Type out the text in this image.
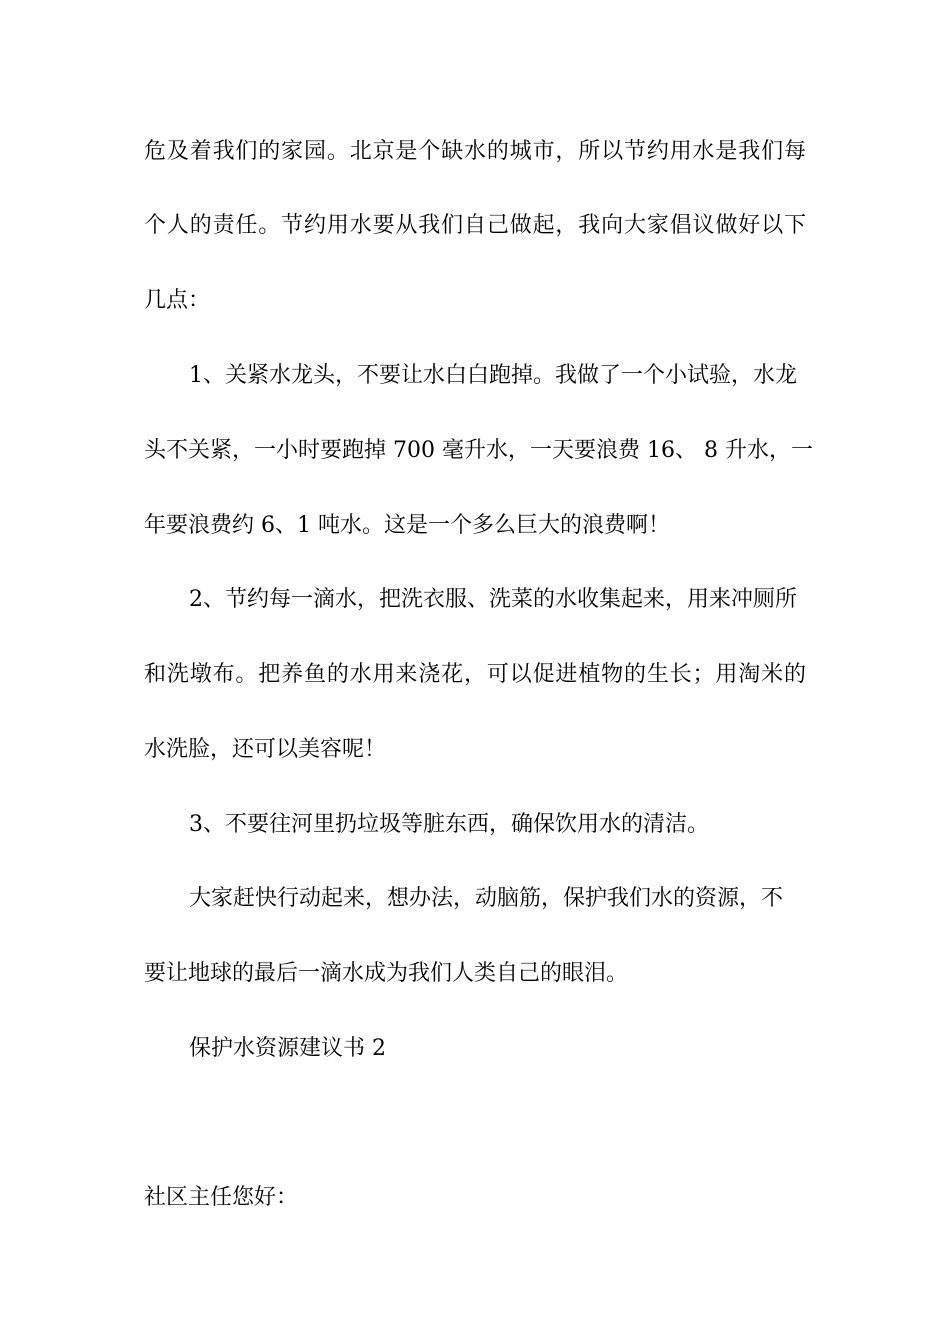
危及着我们的家园。北京是个缺水的城市，所以节约用水是我们每
个人的责任。节约用水要从我们自己做起，我向大家倡议做好以下
几点：
1、关紧水龙头，不要让水白白跑掉。我做了一个小试验，水龙
头不关紧，一小时要跑掉 700 毫升水，一天要浪费 16、 8 升水，一
年要浪费约 6、1 吨水。这是一个多么巨大的浪费啊！
2、节约每一滴水，把洗衣服、洗菜的水收集起来，用来冲厕所
和洗墩布。把养鱼的水用来浇花，可以促进植物的生长；用淘米的
水洗脸，还可以美容呢！
3、不要往河里扔垃圾等脏东西，确保饮用水的清洁。
大家赶快行动起来，想办法，动脑筋，保护我们水的资源，不
要让地球的最后一滴水成为我们人类自己的眼泪。
保护水资源建议书 2
社区主任您好：
